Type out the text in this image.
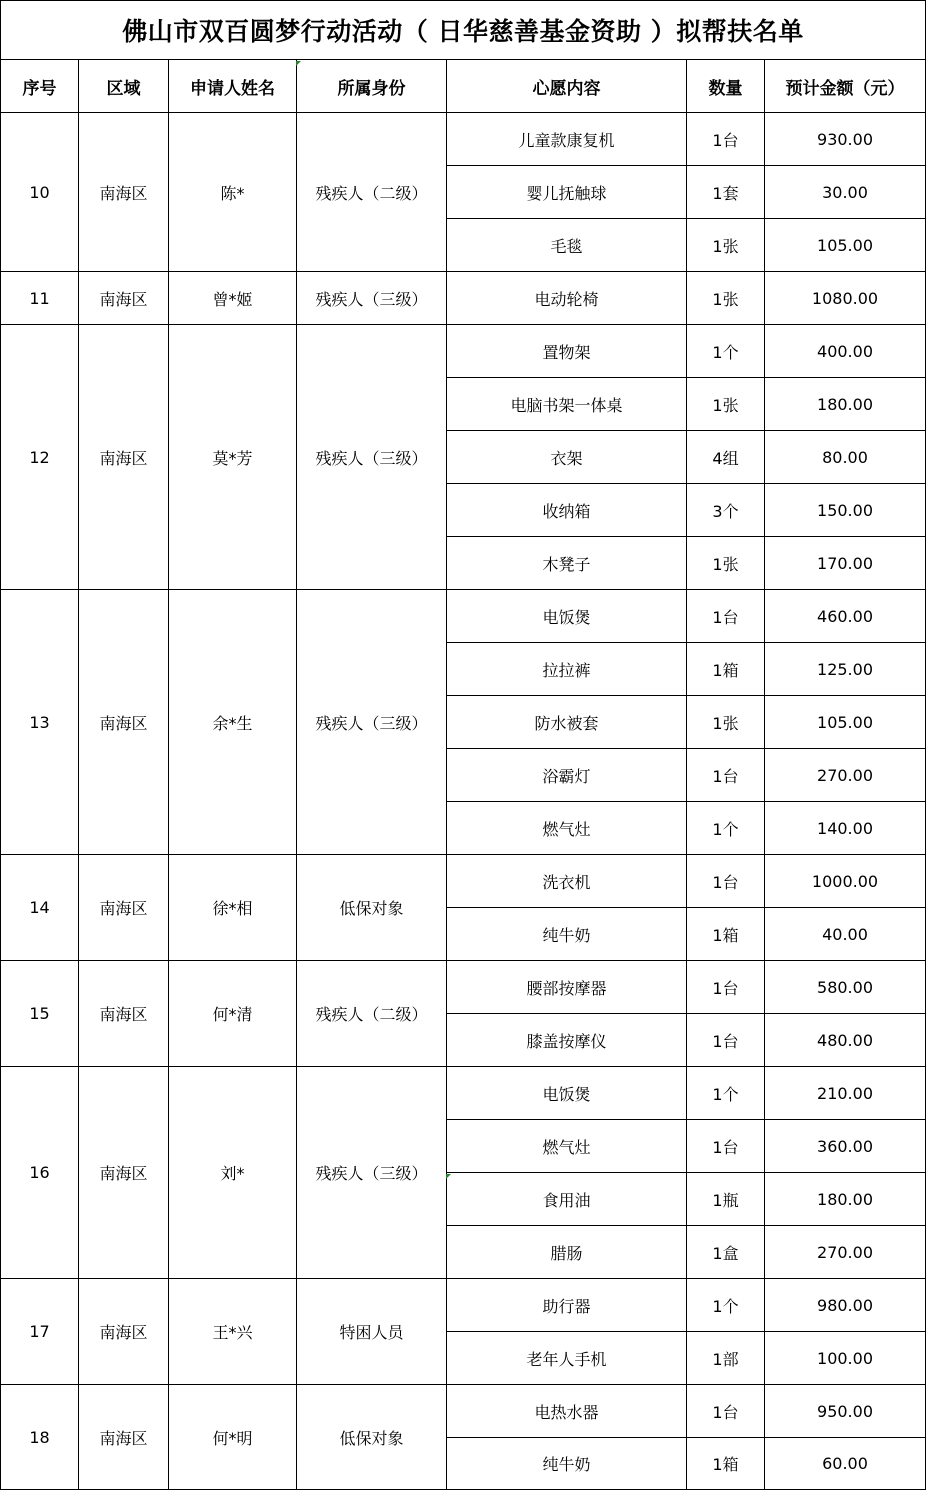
佛山市双百圆梦行动活动（ 日华慈善基金资助 ）拟帮扶名单						
序号	区域	申请人姓名	所属身份	心愿内容	数量	预计金额（元）
10	南海区	陈*	残疾人（二级）	儿童款康复机	1台	930.00
				婴儿抚触球	1套	30.00
				毛毯	1张	105.00
11	南海区	曾*姬	残疾人（三级）	电动轮椅	1张	1080.00
12	南海区	莫*芳	残疾人（三级）	置物架	1个	400.00
				电脑书架一体桌	1张	180.00
				衣架	4组	80.00
				收纳箱	3个	150.00
				木凳子	1张	170.00
13	南海区	余*生	残疾人（三级）	电饭煲	1台	460.00
				拉拉裤	1箱	125.00
				防水被套	1张	105.00
				浴霸灯	1台	270.00
				燃气灶	1个	140.00
14	南海区	徐*相	低保对象	洗衣机	1台	1000.00
				纯牛奶	1箱	40.00
15	南海区	何*清	残疾人（二级）	腰部按摩器	1台	580.00
				膝盖按摩仪	1台	480.00
16	南海区	刘*	残疾人（三级）	电饭煲	1个	210.00
				燃气灶	1台	360.00
				食用油	1瓶	180.00
				腊肠	1盒	270.00
17	南海区	王*兴	特困人员	助行器	1个	980.00
				老年人手机	1部	100.00
18	南海区	何*明	低保对象	电热水器	1台	950.00
				纯牛奶	1箱	60.00
